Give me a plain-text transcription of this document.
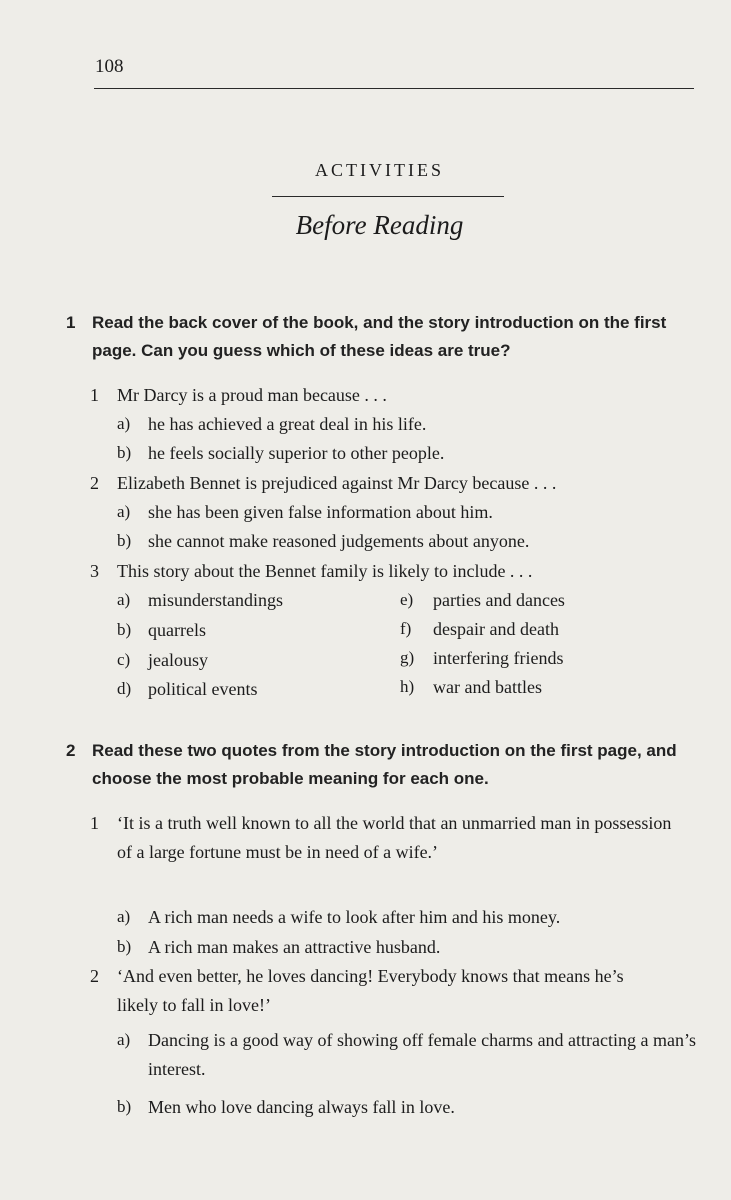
108
ACTIVITIES
Before Reading
1 Read the back cover of the book, and the story introduction on the first page. Can you guess which of these ideas are true?
1 Mr Darcy is a proud man because . . .
a) he has achieved a great deal in his life.
b) he feels socially superior to other people.
2 Elizabeth Bennet is prejudiced against Mr Darcy because . . .
a) she has been given false information about him.
b) she cannot make reasoned judgements about anyone.
3 This story about the Bennet family is likely to include . . .
a) misunderstandings
b) quarrels
c) jealousy
d) political events
e) parties and dances
f) despair and death
g) interfering friends
h) war and battles
2 Read these two quotes from the story introduction on the first page, and choose the most probable meaning for each one.
1 ‘It is a truth well known to all the world that an unmarried man in possession of a large fortune must be in need of a wife.’
a) A rich man needs a wife to look after him and his money.
b) A rich man makes an attractive husband.
2 ‘And even better, he loves dancing! Everybody knows that means he’s likely to fall in love!’
a) Dancing is a good way of showing off female charms and attracting a man’s interest.
b) Men who love dancing always fall in love.
